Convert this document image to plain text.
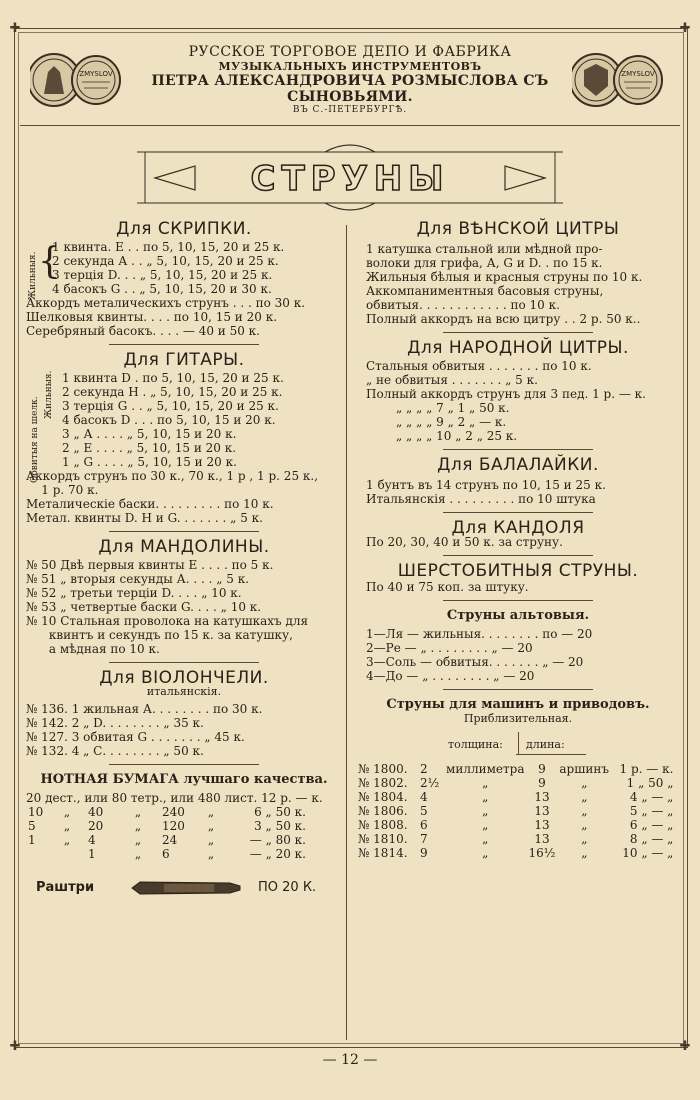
✚	✚
✚	✚
ZMYSLOV	ZMYSLOV
РУССКОЕ ТОРГОВОЕ ДЕПО И ФАБРИКА
МУЗЫКАЛЬНЫХЪ ИНСТРУМЕНТОВЪ
ПЕТРА АЛЕКСАНДРОВИЧА РОЗМЫСЛОВА СЪ СЫНОВЬЯМИ.
ВЪ С.-ПЕТЕРБУРГѢ.
СТРУНЫ
Для СКРИПКИ.
Жильныя. {
1 квинта. E . . по 5, 10, 15, 20 и 25 к.
2 секунда А . . „ 5, 10, 15, 20 и 25 к.
3 терція D. . . „ 5, 10, 15, 20 и 25 к.
4 басокъ G . . „ 5, 10, 15, 20 и 30 к.
Аккордъ металическихъ струнъ . . . по 30 к.
Шелковыя квинты. . . . по 10, 15 и 20 к.
Серебряный басокъ. . . . — 40 и 50 к.
Для ГИТАРЫ.
Жильныя.
Обвитыя на шелк.
1 квинта D . по 5, 10, 15, 20 и 25 к.
2 секунда H . „ 5, 10, 15, 20 и 25 к.
3 терція G . . „ 5, 10, 15, 20 и 25 к.
4 басокъ D . . . по 5, 10, 15 и 20 к.
3 „ А . . . . „ 5, 10, 15 и 20 к.
2 „ E . . . . „ 5, 10, 15 и 20 к.
1 „ G . . . . „ 5, 10, 15 и 20 к.
Аккордъ струнъ по 30 к., 70 к., 1 р , 1 р. 25 к.,
1 р. 70 к.
Металическіе баски. . . . . . . . . по 10 к.
Метал. квинты D. H и G. . . . . . . „ 5 к.
Для МАНДОЛИНЫ.
№ 50 Двѣ первыя квинты E . . . . по 5 к.
№ 51 „ вторыя секунды А. . . . „ 5 к.
№ 52 „ третьи терціи D. . . . „ 10 к.
№ 53 „ четвертые баски G. . . . „ 10 к.
№ 10 Стальная проволока на катушкахъ для
квинтъ и секундъ по 15 к. за катушку,
а мѣдная по 10 к.
Для ВІОЛОНЧЕЛИ.
итальянскія.
№ 136. 1 жильная А. . . . . . . . по 30 к.
№ 142. 2 „ D. . . . . . . . „ 35 к.
№ 127. 3 обвитая G . . . . . . . „ 45 к.
№ 132. 4 „ С. . . . . . . . „ 50 к.
НОТНАЯ БУМАГА лучшаго качества.
20 дест., или 80 тетр., или 480 лист. 12 р. — к.
10	„	40	„	240	„	6 „ 50 к.
5	„	20	„	120	„	3 „ 50 к.
1	„	4	„	24	„	— „ 80 к.
		1	„	6	„	— „ 20 к.
Раштри	ПО 20 К.
Для ВѢНСКОЙ ЦИТРЫ
1 катушка стальной или мѣдной про-
волоки для грифа, А, G и D. . по 15 к.
Жильныя бѣлыя и красныя струны по 10 к.
Аккомпаниментныя басовыя струны,
обвитыя. . . . . . . . . . . . по 10 к.
Полный аккордъ на всю цитру . . 2 р. 50 к..
Для НАРОДНОЙ ЦИТРЫ.
Стальныя обвитыя . . . . . . . по 10 к.
„ не обвитыя . . . . . . . „ 5 к.
Полный аккордъ струнъ для 3 пед. 1 р. — к.
„ „ „ „ 7 „ 1 „ 50 к.
„ „ „ „ 9 „ 2 „ — к.
„ „ „ „ 10 „ 2 „ 25 к.
Для БАЛАЛАЙКИ.
1 бунтъ въ 14 струнъ по 10, 15 и 25 к.
Итальянскія . . . . . . . . . по 10 штука
Для КАНДОЛЯ
По 20, 30, 40 и 50 к. за струну.
ШЕРСТОБИТНЫЯ СТРУНЫ.
По 40 и 75 коп. за штуку.
Струны альтовыя.
1—Ля — жильныя. . . . . . . . по — 20
2—Ре — „ . . . . . . . . „ — 20
3—Соль — обвитыя. . . . . . . „ — 20
4—До — „ . . . . . . . . „ — 20
Струны для машинъ и приводовъ.
Приблизительная.
толщина: длина:
№ 1800.	2	миллиметра	9	аршинъ	1 р. — к.
№ 1802.	2½	„	9	„	1 „ 50 „
№ 1804.	4	„	13	„	4 „ — „
№ 1806.	5	„	13	„	5 „ — „
№ 1808.	6	„	13	„	6 „ — „
№ 1810.	7	„	13	„	8 „ — „
№ 1814.	9	„	16½	„	10 „ — „
— 12 —
